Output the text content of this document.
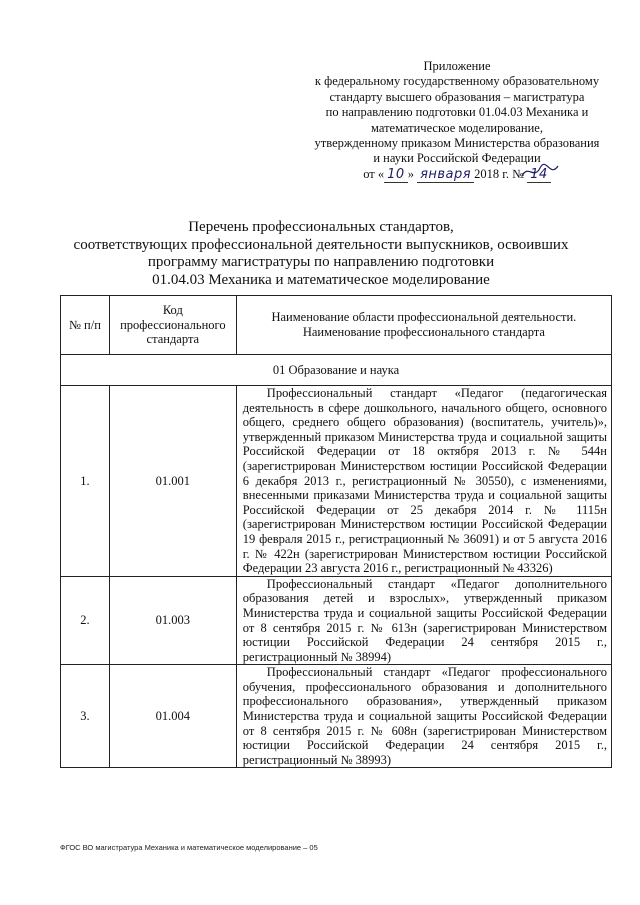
Приложение
к федеральному государственному образовательному
стандарту высшего образования – магистратура
по направлению подготовки 01.04.03 Механика и
математическое моделирование,
утвержденному приказом Министерства образования
и науки Российской Федерации
от « 10 » января 2018 г. № 14
Перечень профессиональных стандартов,
соответствующих профессиональной деятельности выпускников, освоивших
программу магистратуры по направлению подготовки
01.04.03 Механика и математическое моделирование
№ п/п	Код профессионального стандарта	Наименование области профессиональной деятельности. Наименование профессионального стандарта
01 Образование и наука		
1.	01.001	Профессиональный стандарт «Педагог (педагогическая деятельность в сфере дошкольного, начального общего, основного общего, среднего общего образования) (воспитатель, учитель)», утвержденный приказом Министерства труда и социальной защиты Российской Федерации от 18 октября 2013 г. № 544н (зарегистрирован Министерством юстиции Российской Федерации 6 декабря 2013 г., регистрационный № 30550), с изменениями, внесенными приказами Министерства труда и социальной защиты Российской Федерации от 25 декабря 2014 г. № 1115н (зарегистрирован Министерством юстиции Российской Федерации 19 февраля 2015 г., регистрационный № 36091) и от 5 августа 2016 г. № 422н (зарегистрирован Министерством юстиции Российской Федерации 23 августа 2016 г., регистрационный № 43326)

2.	01.003	Профессиональный стандарт «Педагог дополнительного образования детей и взрослых», утвержденный приказом Министерства труда и социальной защиты Российской Федерации от 8 сентября 2015 г. № 613н (зарегистрирован Министерством юстиции Российской Федерации 24 сентября 2015 г., регистрационный № 38994)

3.	01.004	Профессиональный стандарт «Педагог профессионального обучения, профессионального образования и дополнительного профессионального образования», утвержденный приказом Министерства труда и социальной защиты Российской Федерации от 8 сентября 2015 г. № 608н (зарегистрирован Министерством юстиции Российской Федерации 24 сентября 2015 г., регистрационный № 38993)
ФГОС ВО магистратура Механика и математическое моделирование – 05
